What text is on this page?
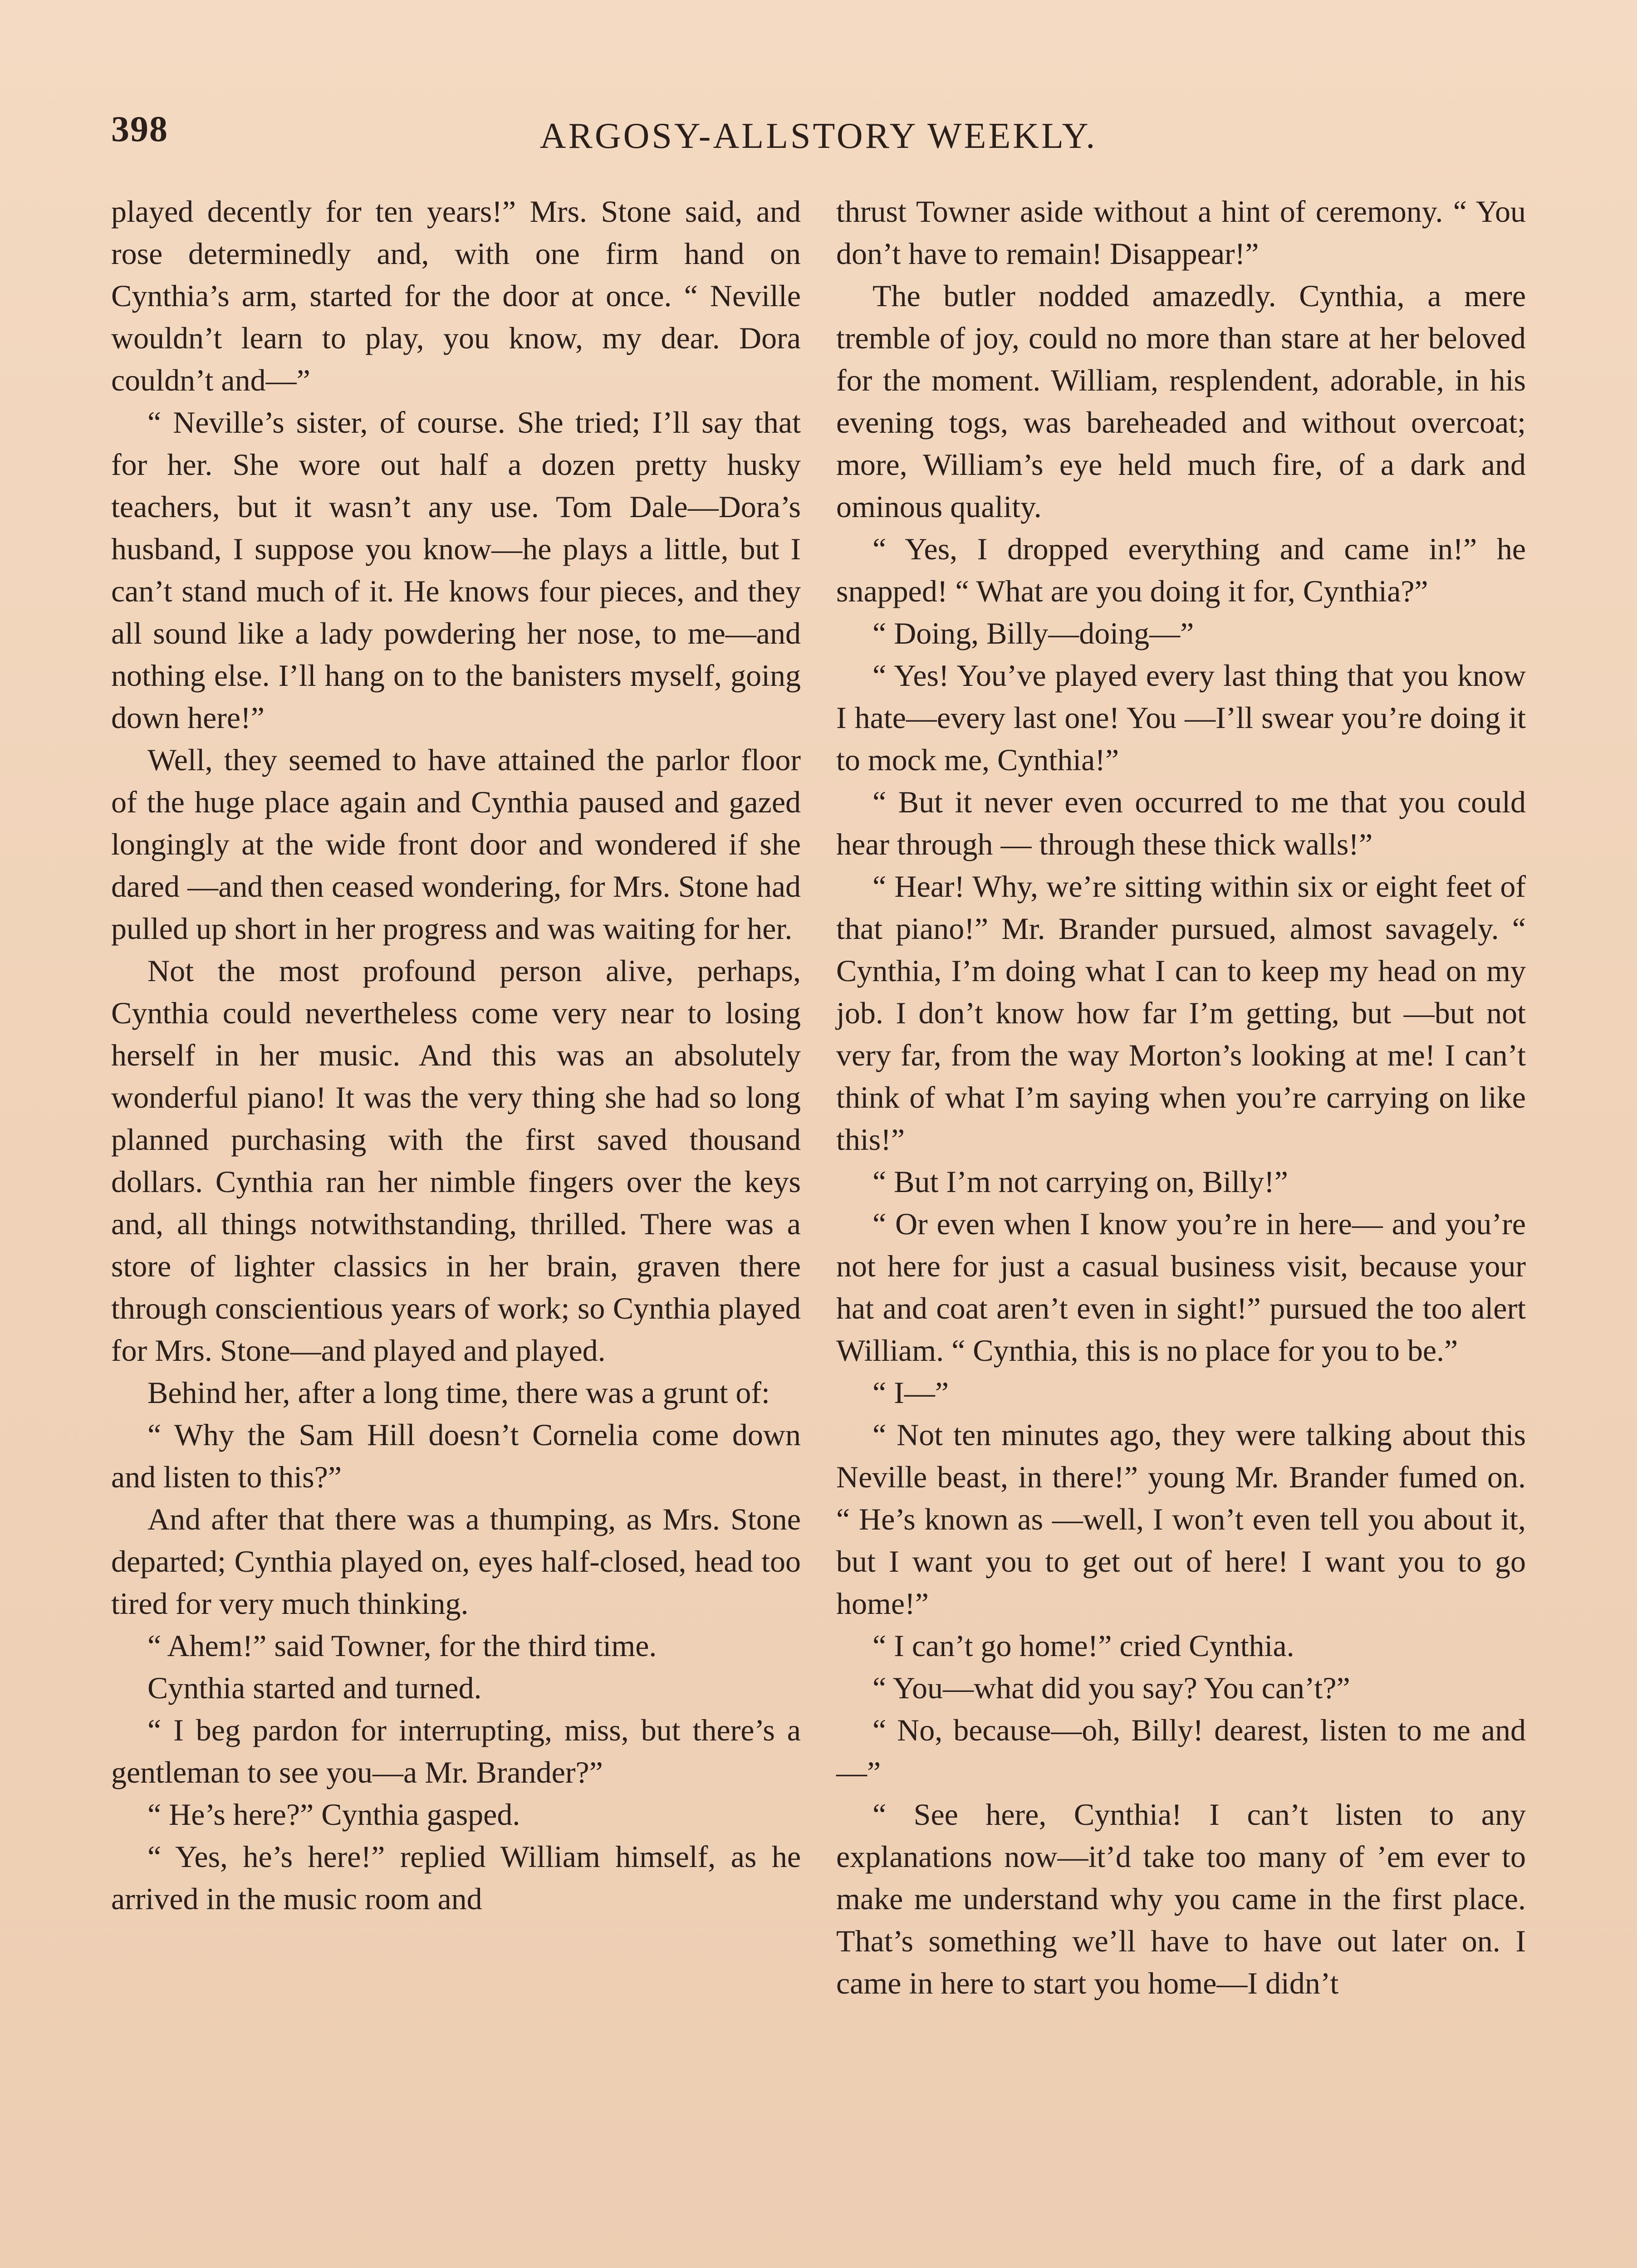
398	ARGOSY-ALLSTORY WEEKLY.

played decently for ten years!” Mrs. Stone said, and rose determinedly and, with one firm hand on Cynthia’s arm, started for the door at once. “ Neville wouldn’t learn to play, you know, my dear. Dora couldn’t and—”

“ Neville’s sister, of course. She tried; I’ll say that for her. She wore out half a dozen pretty husky teachers, but it wasn’t any use. Tom Dale—Dora’s husband, I suppose you know—he plays a little, but I can’t stand much of it. He knows four pieces, and they all sound like a lady powdering her nose, to me—and nothing else. I’ll hang on to the banisters myself, going down here!”

Well, they seemed to have attained the parlor floor of the huge place again and Cynthia paused and gazed longingly at the wide front door and wondered if she dared —and then ceased wondering, for Mrs. Stone had pulled up short in her progress and was waiting for her.

Not the most profound person alive, perhaps, Cynthia could nevertheless come very near to losing herself in her music. And this was an absolutely wonderful piano! It was the very thing she had so long planned purchasing with the first saved thousand dollars. Cynthia ran her nimble fingers over the keys and, all things notwithstanding, thrilled. There was a store of lighter classics in her brain, graven there through conscientious years of work; so Cynthia played for Mrs. Stone—and played and played.

Behind her, after a long time, there was a grunt of:

“ Why the Sam Hill doesn’t Cornelia come down and listen to this?”

And after that there was a thumping, as Mrs. Stone departed; Cynthia played on, eyes half-closed, head too tired for very much thinking.

“ Ahem!” said Towner, for the third time.

Cynthia started and turned.

“ I beg pardon for interrupting, miss, but there’s a gentleman to see you—a Mr. Brander?”

“ He’s here?” Cynthia gasped.

“ Yes, he’s here!” replied William himself, as he arrived in the music room and

thrust Towner aside without a hint of ceremony. “ You don’t have to remain! Disappear!”

The butler nodded amazedly. Cynthia, a mere tremble of joy, could no more than stare at her beloved for the moment. William, resplendent, adorable, in his evening togs, was bareheaded and without overcoat; more, William’s eye held much fire, of a dark and ominous quality.

“ Yes, I dropped everything and came in!” he snapped! “ What are you doing it for, Cynthia?”

“ Doing, Billy—doing—”

“ Yes! You’ve played every last thing that you know I hate—every last one! You —I’ll swear you’re doing it to mock me, Cynthia!”

“ But it never even occurred to me that you could hear through — through these thick walls!”

“ Hear! Why, we’re sitting within six or eight feet of that piano!” Mr. Brander pursued, almost savagely. “ Cynthia, I’m doing what I can to keep my head on my job. I don’t know how far I’m getting, but —but not very far, from the way Morton’s looking at me! I can’t think of what I’m saying when you’re carrying on like this!”

“ But I’m not carrying on, Billy!”

“ Or even when I know you’re in here— and you’re not here for just a casual business visit, because your hat and coat aren’t even in sight!” pursued the too alert William. “ Cynthia, this is no place for you to be.”

“ I—”

“ Not ten minutes ago, they were talking about this Neville beast, in there!” young Mr. Brander fumed on. “ He’s known as —well, I won’t even tell you about it, but I want you to get out of here! I want you to go home!”

“ I can’t go home!” cried Cynthia.

“ You—what did you say? You can’t?”

“ No, because—oh, Billy! dearest, listen to me and—”

“ See here, Cynthia! I can’t listen to any explanations now—it’d take too many of ’em ever to make me understand why you came in the first place. That’s something we’ll have to have out later on. I came in here to start you home—I didn’t
